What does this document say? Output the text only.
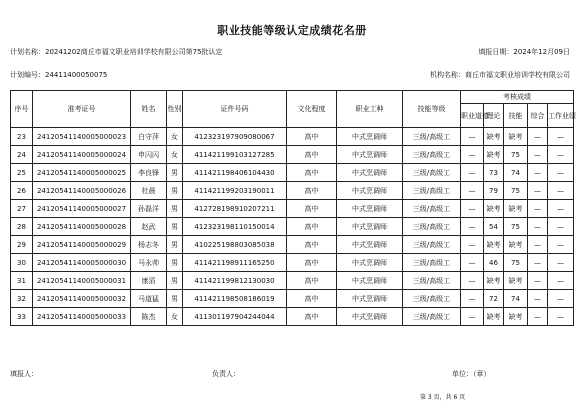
职业技能等级认定成绩花名册
计划名称：20241202商丘市福文职业培训学校有限公司第75批认定	填报日期：2024年12月09日
计划编号：24411400050075	机构名称：商丘市福文职业培训学校有限公司
序号	准考证号	姓名	性别	证件号码	文化程度	职业工种	技能等级	考核成绩				
								职业道德	理论	技能	综合	工作业绩
23	24120541140005000023	白守萍	女	412323197909080067	高中	中式烹调师	三级/高级工	—	缺考	缺考	—	—
24	24120541140005000024	申闪闪	女	411421199103127285	高中	中式烹调师	三级/高级工	—	缺考	75	—	—
25	24120541140005000025	李良锋	男	411421198406104430	高中	中式烹调师	三级/高级工	—	73	74	—	—
26	24120541140005000026	杜晨	男	411421199203190011	高中	中式烹调师	三级/高级工	—	79	75	—	—
27	24120541140005000027	孙磊洋	男	412728198910207211	高中	中式烹调师	三级/高级工	—	缺考	缺考	—	—
28	24120541140005000028	赵武	男	412323198110150014	高中	中式烹调师	三级/高级工	—	54	75	—	—
29	24120541140005000029	杨志冬	男	410225198803085038	高中	中式烹调师	三级/高级工	—	缺考	缺考	—	—
30	24120541140005000030	马永帅	男	411421198911165250	高中	中式烹调师	三级/高级工	—	46	75	—	—
31	24120541140005000031	康滔	男	411421199812130030	高中	中式烹调师	三级/高级工	—	缺考	缺考	—	—
32	24120541140005000032	马道猛	男	411421198508186019	高中	中式烹调师	三级/高级工	—	72	74	—	—
33	24120541140005000033	陈杰	女	411301197904244044	高中	中式烹调师	三级/高级工	—	缺考	缺考	—	—
填报人：	负责人：	单位：（章）
第 3 页，共 6 页
